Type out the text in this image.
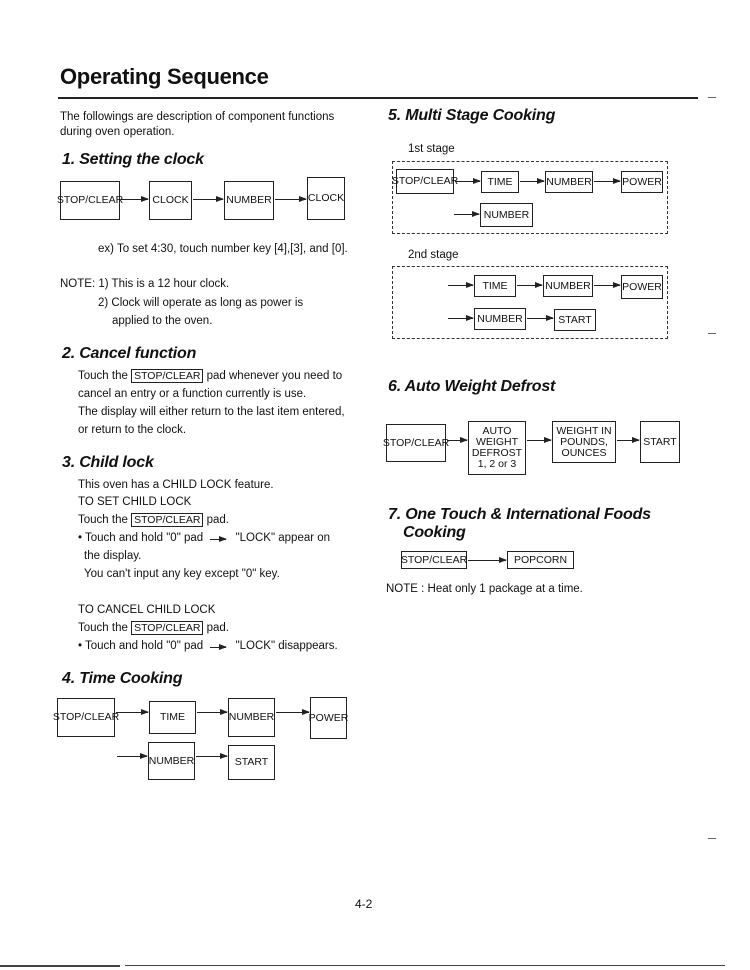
Operating Sequence
The followings are description of component functions
during oven operation.
1. Setting the clock
STOP/CLEAR	CLOCK	NUMBER	CLOCK
ex) To set 4:30, touch number key [4],[3], and [0].
NOTE: 1) This is a 12 hour clock.
2) Clock will operate as long as power is
applied to the oven.
2. Cancel function
Touch the STOP/CLEAR pad whenever you need to
cancel an entry or a function currently is use.
The display will either return to the last item entered,
or return to the clock.
3. Child lock
This oven has a CHILD LOCK feature.
TO SET CHILD LOCK
Touch the STOP/CLEAR pad.
• Touch and hold "0" pad	"LOCK" appear on
the display.
You can't input any key except "0" key.
TO CANCEL CHILD LOCK
Touch the STOP/CLEAR pad.
• Touch and hold "0" pad	"LOCK" disappears.
4. Time Cooking
STOP/CLEAR	TIME	NUMBER	POWER
NUMBER	START
4-2
5. Multi Stage Cooking
1st stage
STOP/CLEAR	TIME	NUMBER	POWER
NUMBER
2nd stage
TIME	NUMBER	POWER
NUMBER	START
6. Auto Weight Defrost
STOP/CLEAR
AUTO
WEIGHT
DEFROST
1, 2 or 3
WEIGHT IN
POUNDS,
OUNCES
START
7. One Touch & International Foods
Cooking
STOP/CLEAR	POPCORN
NOTE : Heat only 1 package at a time.
